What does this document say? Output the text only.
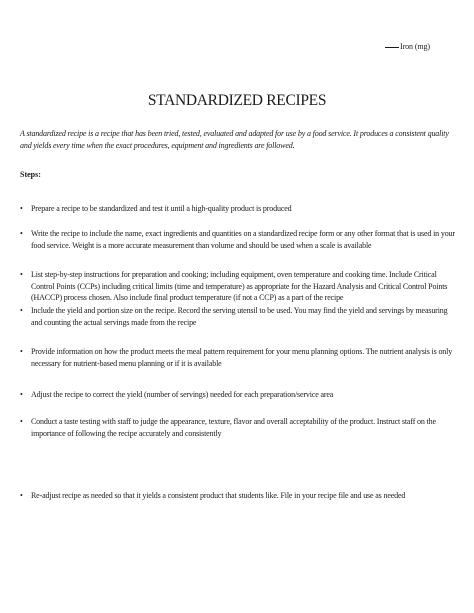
Iron (mg)
STANDARDIZED RECIPES
A standardized recipe is a recipe that has been tried, tested, evaluated and adapted for use by a food service. It produces a consistent quality and yields every time when the exact procedures, equipment and ingredients are followed.
Steps:
• Prepare a recipe to be standardized and test it until a high-quality product is produced
• Write the recipe to include the name, exact ingredients and quantities on a standardized recipe form or any other format that is used in your food service. Weight is a more accurate measurement than volume and should be used when a scale is available
• List step-by-step instructions for preparation and cooking; including equipment, oven temperature and cooking time. Include Critical Control Points (CCPs) including critical limits (time and temperature) as appropriate for the Hazard Analysis and Critical Control Points (HACCP) process chosen. Also include final product temperature (if not a CCP) as a part of the recipe
• Include the yield and portion size on the recipe. Record the serving utensil to be used. You may find the yield and servings by measuring and counting the actual servings made from the recipe
• Provide information on how the product meets the meal pattern requirement for your menu planning options. The nutrient analysis is only necessary for nutrient-based menu planning or if it is available
• Adjust the recipe to correct the yield (number of servings) needed for each preparation/service area
• Conduct a taste testing with staff to judge the appearance, texture, flavor and overall acceptability of the product. Instruct staff on the importance of following the recipe accurately and consistently
• Re-adjust recipe as needed so that it yields a consistent product that students like. File in your recipe file and use as needed
